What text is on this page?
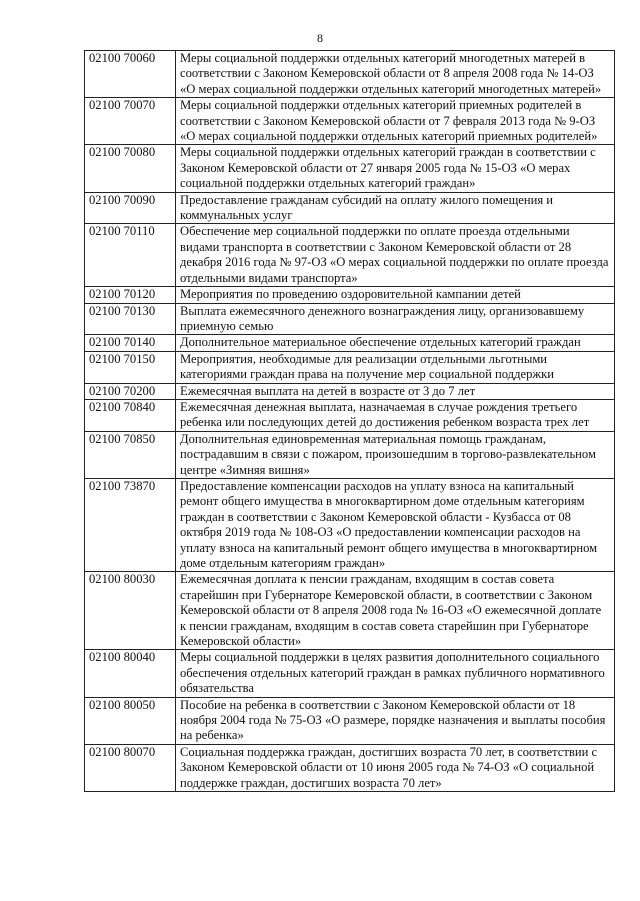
8
02100 70060	Меры социальной поддержки отдельных категорий многодетных матерей в соответствии с Законом Кемеровской области от 8 апреля 2008 года № 14-ОЗ «О мерах социальной поддержки отдельных категорий многодетных матерей»
02100 70070	Меры социальной поддержки отдельных категорий приемных родителей в соответствии с Законом Кемеровской области от 7 февраля 2013 года № 9-ОЗ «О мерах социальной поддержки отдельных категорий приемных родителей»
02100 70080	Меры социальной поддержки отдельных категорий граждан в соответствии с Законом Кемеровской области от 27 января 2005 года № 15-ОЗ «О мерах социальной поддержки отдельных категорий граждан»
02100 70090	Предоставление гражданам субсидий на оплату жилого помещения и коммунальных услуг
02100 70110	Обеспечение мер социальной поддержки по оплате проезда отдельными видами транспорта в соответствии с Законом Кемеровской области от 28 декабря 2016 года № 97-ОЗ «О мерах социальной поддержки по оплате проезда отдельными видами транспорта»
02100 70120	Мероприятия по проведению оздоровительной кампании детей
02100 70130	Выплата ежемесячного денежного вознаграждения лицу, организовавшему приемную семью
02100 70140	Дополнительное материальное обеспечение отдельных категорий граждан
02100 70150	Мероприятия, необходимые для реализации отдельными льготными категориями граждан права на получение мер социальной поддержки
02100 70200	Ежемесячная выплата на детей в возрасте от 3 до 7 лет
02100 70840	Ежемесячная денежная выплата, назначаемая в случае рождения третьего ребенка или последующих детей до достижения ребенком возраста трех лет
02100 70850	Дополнительная единовременная материальная помощь гражданам, пострадавшим в связи с пожаром, произошедшим в торгово-развлекательном центре «Зимняя вишня»
02100 73870	Предоставление компенсации расходов на уплату взноса на капитальный ремонт общего имущества в многоквартирном доме отдельным категориям граждан в соответствии с Законом Кемеровской области - Кузбасса от 08 октября 2019 года № 108-ОЗ «О предоставлении компенсации расходов на уплату взноса на капитальный ремонт общего имущества в многоквартирном доме отдельным категориям граждан»
02100 80030	Ежемесячная доплата к пенсии гражданам, входящим в состав совета старейшин при Губернаторе Кемеровской области, в соответствии с Законом Кемеровской области от 8 апреля 2008 года № 16-ОЗ «О ежемесячной доплате к пенсии гражданам, входящим в состав совета старейшин при Губернаторе Кемеровской области»
02100 80040	Меры социальной поддержки в целях развития дополнительного социального обеспечения отдельных категорий граждан в рамках публичного нормативного обязательства
02100 80050	Пособие на ребенка в соответствии с Законом Кемеровской области от 18 ноября 2004 года № 75-ОЗ «О размере, порядке назначения и выплаты пособия на ребенка»
02100 80070	Социальная поддержка граждан, достигших возраста 70 лет, в соответствии с Законом Кемеровской области от 10 июня 2005 года № 74-ОЗ «О социальной поддержке граждан, достигших возраста 70 лет»
